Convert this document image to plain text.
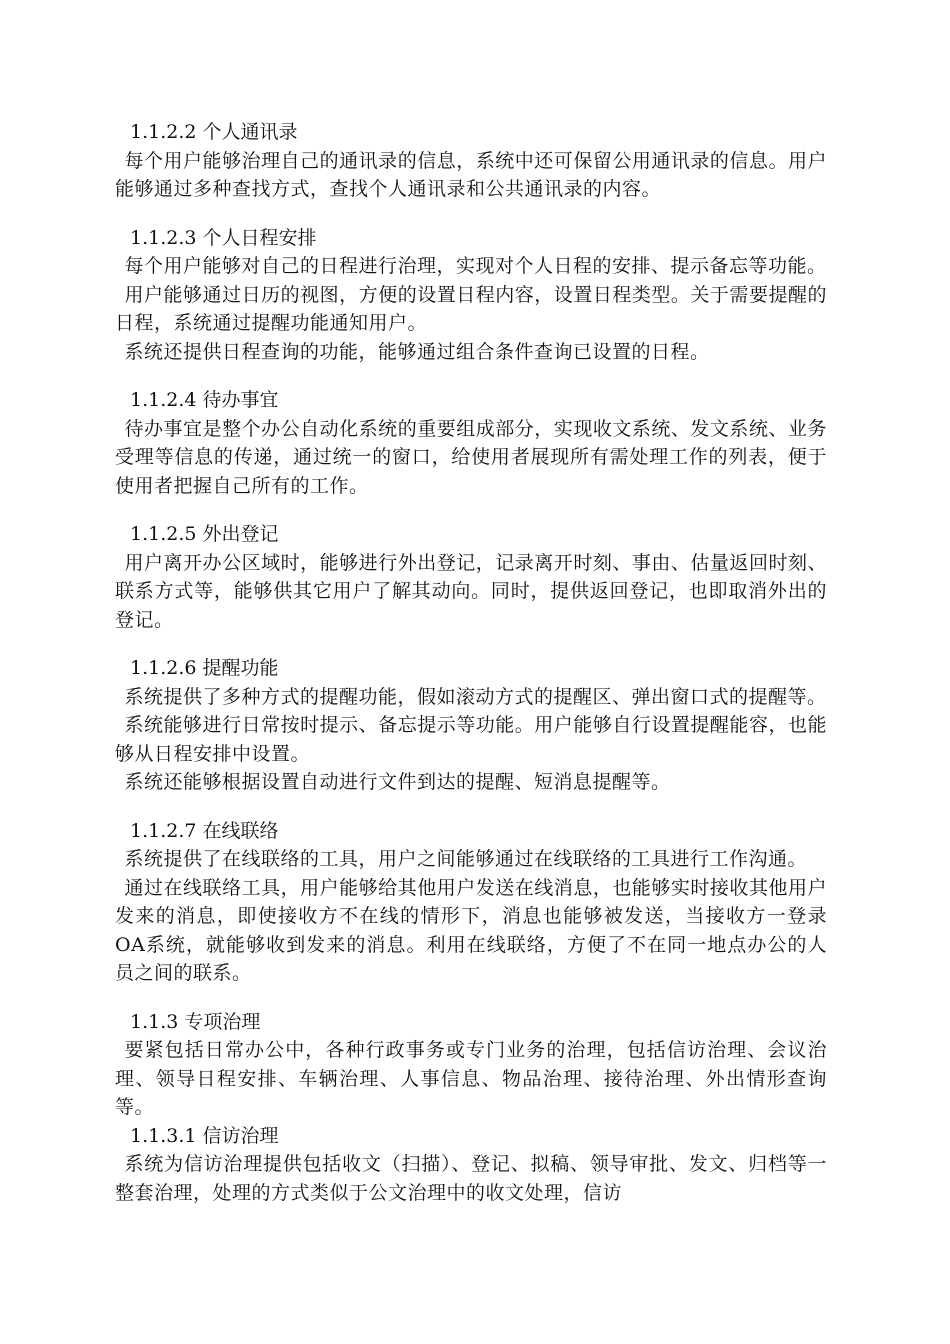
1.1.2.2 个人通讯录
每个用户能够治理自己的通讯录的信息，系统中还可保留公用通讯录的信息。用户能够通过多种查找方式，查找个人通讯录和公共通讯录的内容。
1.1.2.3 个人日程安排
每个用户能够对自己的日程进行治理，实现对个人日程的安排、提示备忘等功能。
用户能够通过日历的视图，方便的设置日程内容，设置日程类型。关于需要提醒的日程，系统通过提醒功能通知用户。
系统还提供日程查询的功能，能够通过组合条件查询已设置的日程。
1.1.2.4 待办事宜
待办事宜是整个办公自动化系统的重要组成部分，实现收文系统、发文系统、业务受理等信息的传递，通过统一的窗口，给使用者展现所有需处理工作的列表，便于使用者把握自己所有的工作。
1.1.2.5 外出登记
用户离开办公区域时，能够进行外出登记，记录离开时刻、事由、估量返回时刻、联系方式等，能够供其它用户了解其动向。同时，提供返回登记，也即取消外出的登记。
1.1.2.6 提醒功能
系统提供了多种方式的提醒功能，假如滚动方式的提醒区、弹出窗口式的提醒等。
系统能够进行日常按时提示、备忘提示等功能。用户能够自行设置提醒能容，也能够从日程安排中设置。
系统还能够根据设置自动进行文件到达的提醒、短消息提醒等。
1.1.2.7 在线联络
系统提供了在线联络的工具，用户之间能够通过在线联络的工具进行工作沟通。
通过在线联络工具，用户能够给其他用户发送在线消息，也能够实时接收其他用户发来的消息，即使接收方不在线的情形下，消息也能够被发送，当接收方一登录OA系统，就能够收到发来的消息。利用在线联络，方便了不在同一地点办公的人员之间的联系。
1.1.3 专项治理
要紧包括日常办公中，各种行政事务或专门业务的治理，包括信访治理、会议治理、领导日程安排、车辆治理、人事信息、物品治理、接待治理、外出情形查询等。
1.1.3.1 信访治理
系统为信访治理提供包括收文（扫描）、登记、拟稿、领导审批、发文、归档等一整套治理，处理的方式类似于公文治理中的收文处理，信访
